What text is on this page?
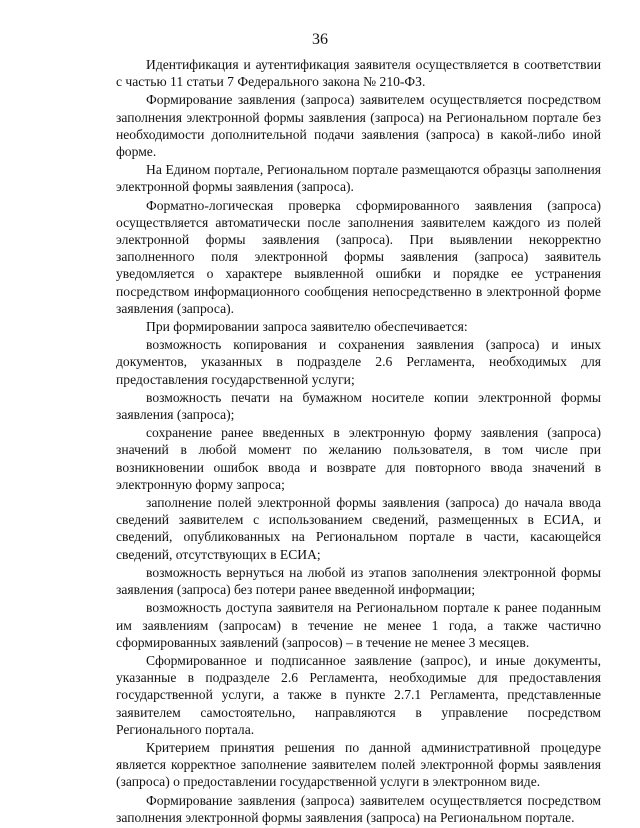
36

Идентификация и аутентификация заявителя осуществляется в соответствии с частью 11 статьи 7 Федерального закона № 210-ФЗ.

Формирование заявления (запроса) заявителем осуществляется посредством заполнения электронной формы заявления (запроса) на Региональном портале без необходимости дополнительной подачи заявления (запроса) в какой-либо иной форме.

На Едином портале, Региональном портале размещаются образцы заполнения электронной формы заявления (запроса).

Форматно-логическая проверка сформированного заявления (запроса) осуществляется автоматически после заполнения заявителем каждого из полей электронной формы заявления (запроса). При выявлении некорректно заполненного поля электронной формы заявления (запроса) заявитель уведомляется о характере выявленной ошибки и порядке ее устранения посредством информационного сообщения непосредственно в электронной форме заявления (запроса).

При формировании запроса заявителю обеспечивается:

возможность копирования и сохранения заявления (запроса) и иных документов, указанных в подразделе 2.6 Регламента, необходимых для предоставления государственной услуги;

возможность печати на бумажном носителе копии электронной формы заявления (запроса);

сохранение ранее введенных в электронную форму заявления (запроса) значений в любой момент по желанию пользователя, в том числе при возникновении ошибок ввода и возврате для повторного ввода значений в электронную форму запроса;

заполнение полей электронной формы заявления (запроса) до начала ввода сведений заявителем с использованием сведений, размещенных в ЕСИА, и сведений, опубликованных на Региональном портале в части, касающейся сведений, отсутствующих в ЕСИА;

возможность вернуться на любой из этапов заполнения электронной формы заявления (запроса) без потери ранее введенной информации;

возможность доступа заявителя на Региональном портале к ранее поданным им заявлениям (запросам) в течение не менее 1 года, а также частично сформированных заявлений (запросов) – в течение не менее 3 месяцев.

Сформированное и подписанное заявление (запрос), и иные документы, указанные в подразделе 2.6 Регламента, необходимые для предоставления государственной услуги, а также в пункте 2.7.1 Регламента, представленные заявителем самостоятельно, направляются в управление посредством Регионального портала.

Критерием принятия решения по данной административной процедуре является корректное заполнение заявителем полей электронной формы заявления (запроса) о предоставлении государственной услуги в электронном виде.

Формирование заявления (запроса) заявителем осуществляется посредством заполнения электронной формы заявления (запроса) на Региональном портале.
